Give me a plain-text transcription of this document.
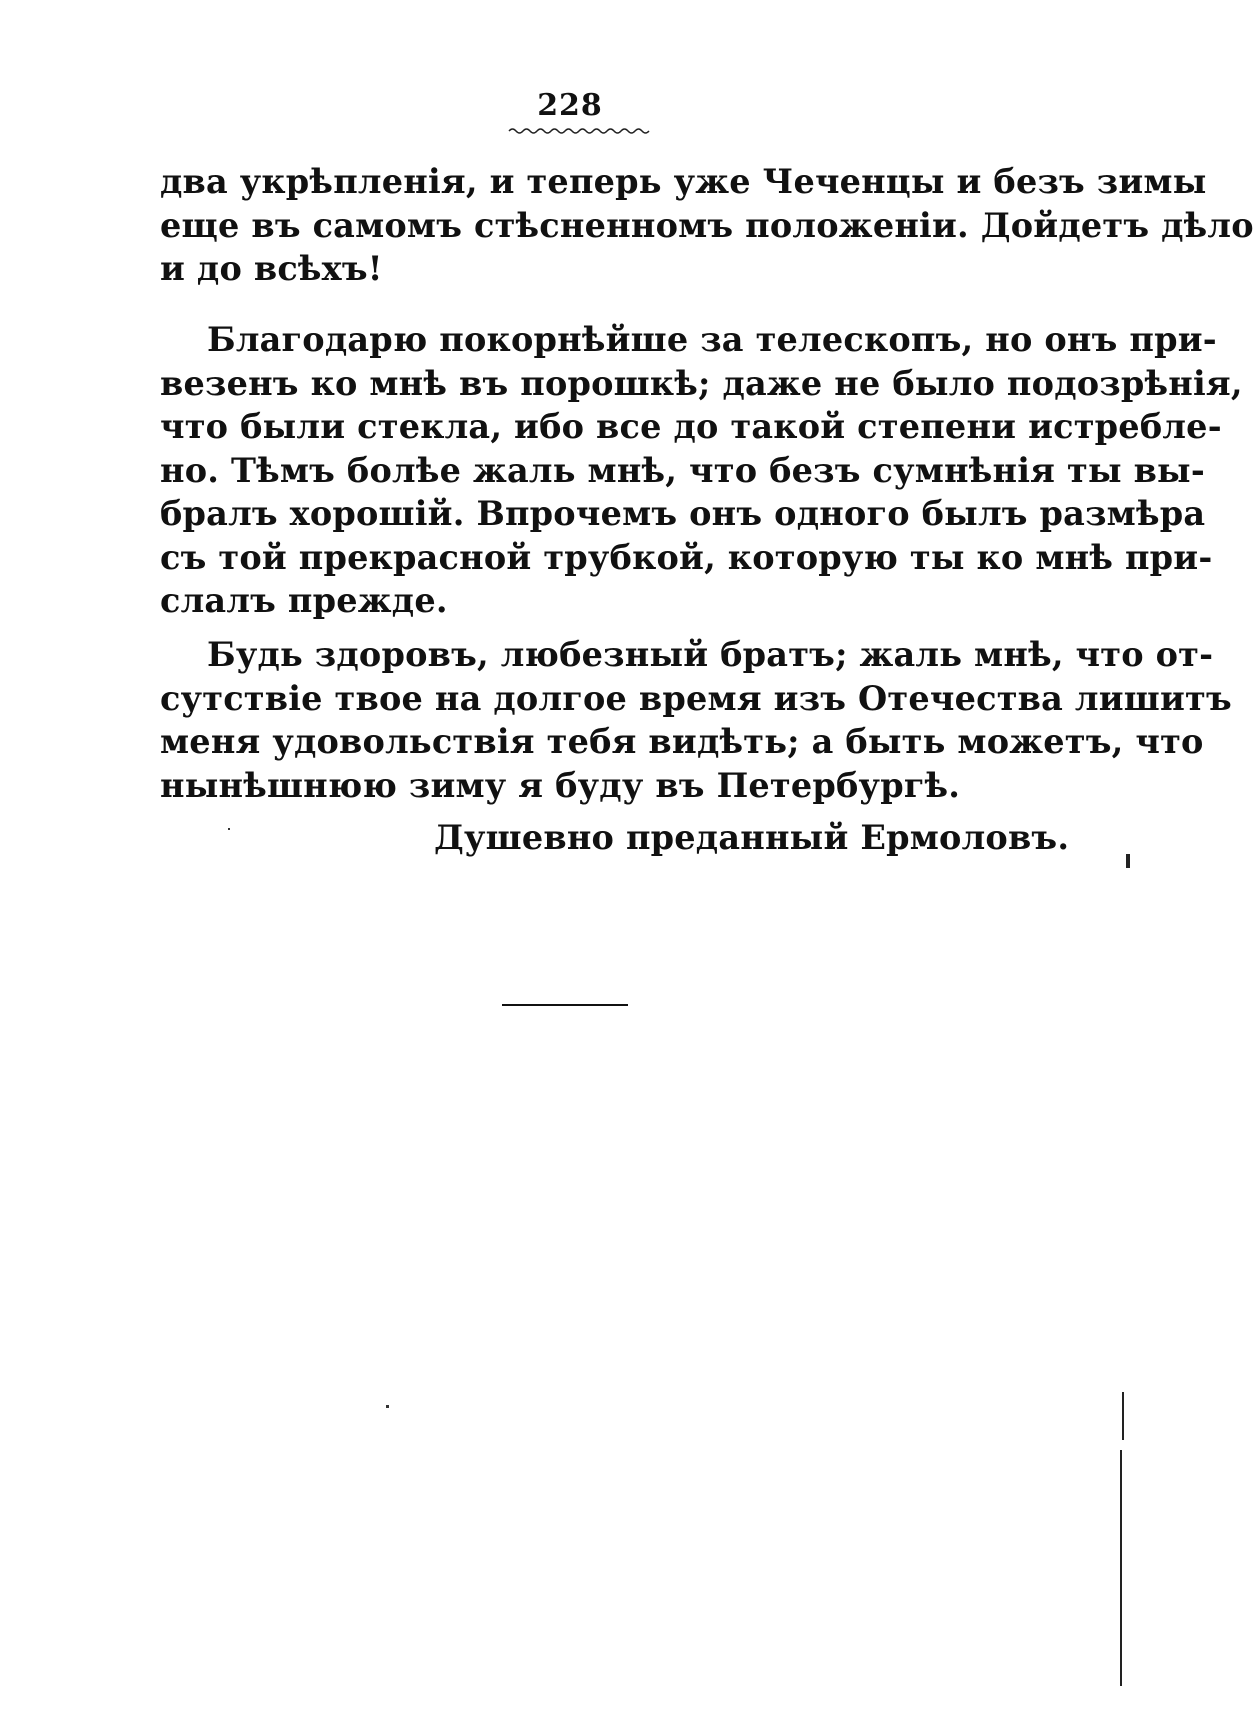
228
два укрѣпленія, и теперь уже Чеченцы и безъ зимы
еще въ самомъ стѣсненномъ положеніи. Дойдетъ дѣло
и до всѣхъ!
Благодарю покорнѣйше за телескопъ, но онъ при-
везенъ ко мнѣ въ порошкѣ; даже не было подозрѣнія,
что были стекла, ибо все до такой степени истребле-
но. Тѣмъ болѣе жаль мнѣ, что безъ сумнѣнія ты вы-
бралъ хорошій. Впрочемъ онъ одного былъ размѣра
съ той прекрасной трубкой, которую ты ко мнѣ при-
слалъ прежде.
Будь здоровъ, любезный братъ; жаль мнѣ, что от-
сутствіе твое на долгое время изъ Отечества лишитъ
меня удовольствія тебя видѣть; а быть можетъ, что
нынѣшнюю зиму я буду въ Петербургѣ.
Душевно преданный Ермоловъ.
